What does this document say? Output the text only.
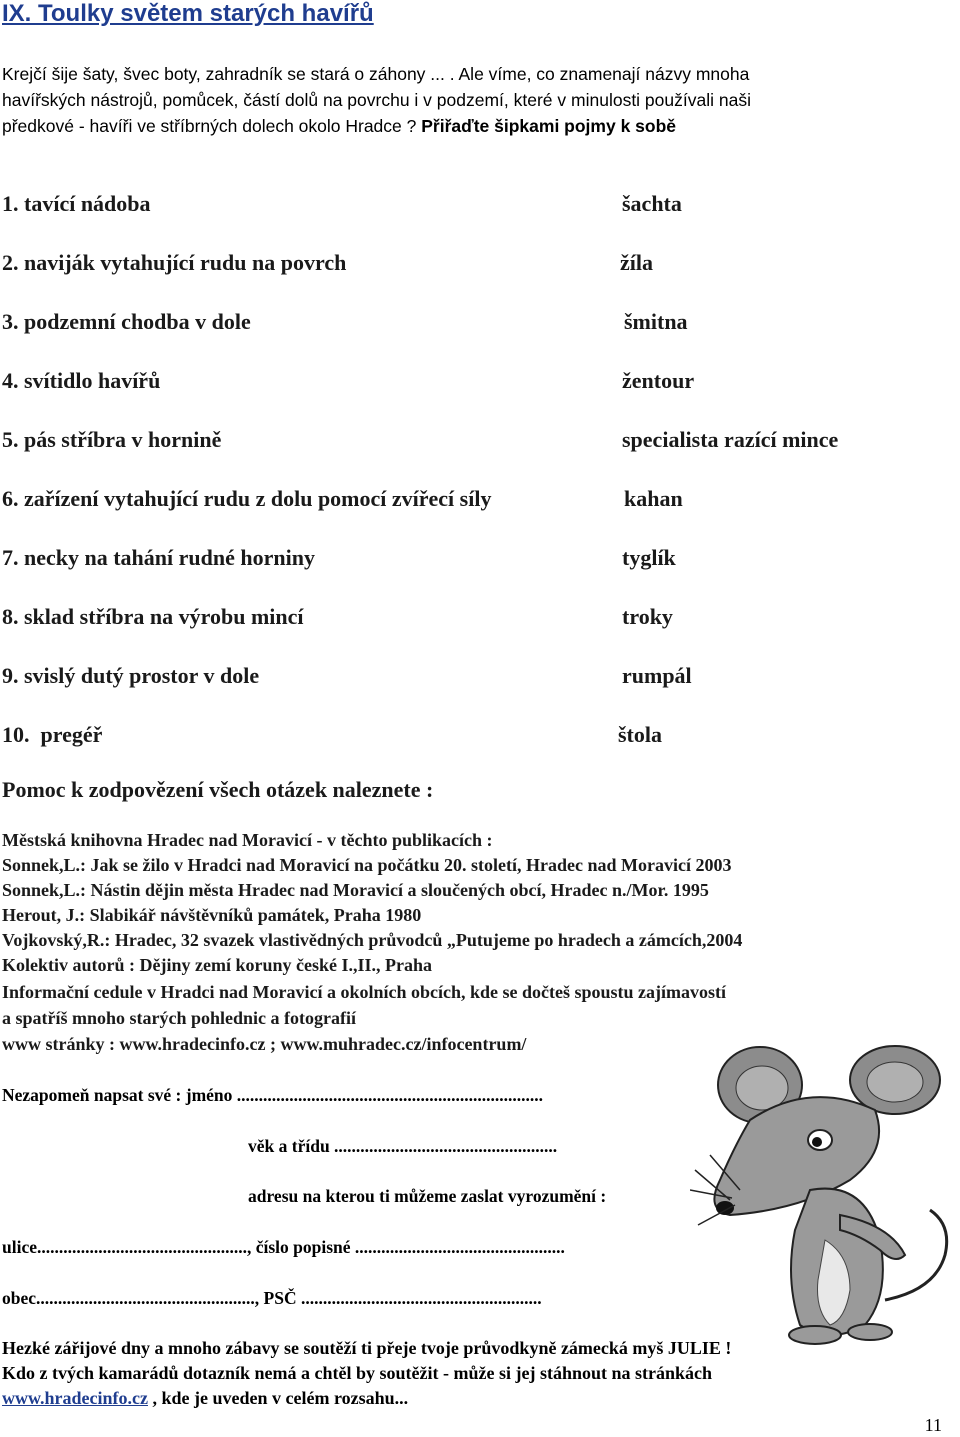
IX. Toulky světem starých havířů
Krejčí šije šaty, švec boty, zahradník se stará o záhony ... . Ale víme, co znamenají názvy mnoha
havířských nástrojů, pomůcek, částí dolů na povrchu i v podzemí, které v minulosti používali naši
předkové - havíři ve stříbrných dolech okolo Hradce ? Přiřaďte šipkami pojmy k sobě
1. tavící nádoba
2. naviják vytahující rudu na povrch
3. podzemní chodba v dole
4. svítidlo havířů
5. pás stříbra v hornině
6. zařízení vytahující rudu z dolu pomocí zvířecí síly
7. necky na tahání rudné horniny
8. sklad stříbra na výrobu mincí
9. svislý dutý prostor v dole
10.  pregéř
šachta
žíla
šmitna
žentour
specialista razící mince
kahan
tyglík
troky
rumpál
štola
Pomoc k zodpovězení všech otázek naleznete :
Městská knihovna Hradec nad Moravicí - v těchto publikacích :
Sonnek,L.: Jak se žilo v Hradci nad Moravicí na počátku 20. století, Hradec nad Moravicí 2003
Sonnek,L.: Nástin dějin města Hradec nad Moravicí a sloučených obcí, Hradec n./Mor. 1995
Herout, J.: Slabikář návštěvníků památek, Praha 1980
Vojkovský,R.: Hradec, 32 svazek vlastivědných průvodců „Putujeme po hradech a zámcích,2004
Kolektiv autorů : Dějiny zemí koruny české I.,II., Praha
Informační cedule v Hradci nad Moravicí a okolních obcích, kde se dočteš spoustu zajímavostí
a spatříš mnoho starých pohlednic a fotografií
www stránky : www.hradecinfo.cz ; www.muhradec.cz/infocentrum/
Nezapomeň napsat své : jméno ......................................................................
věk a třídu ...................................................
adresu na kterou ti můžeme zaslat vyrozumění :
ulice................................................, číslo popisné ................................................
obec.................................................., PSČ .......................................................
Hezké zářijové dny a mnoho zábavy se soutěží ti přeje tvoje průvodkyně zámecká myš JULIE !
Kdo z tvých kamarádů dotazník nemá a chtěl by soutěžit - může si jej stáhnout na stránkách
www.hradecinfo.cz , kde je uveden v celém rozsahu...
11
